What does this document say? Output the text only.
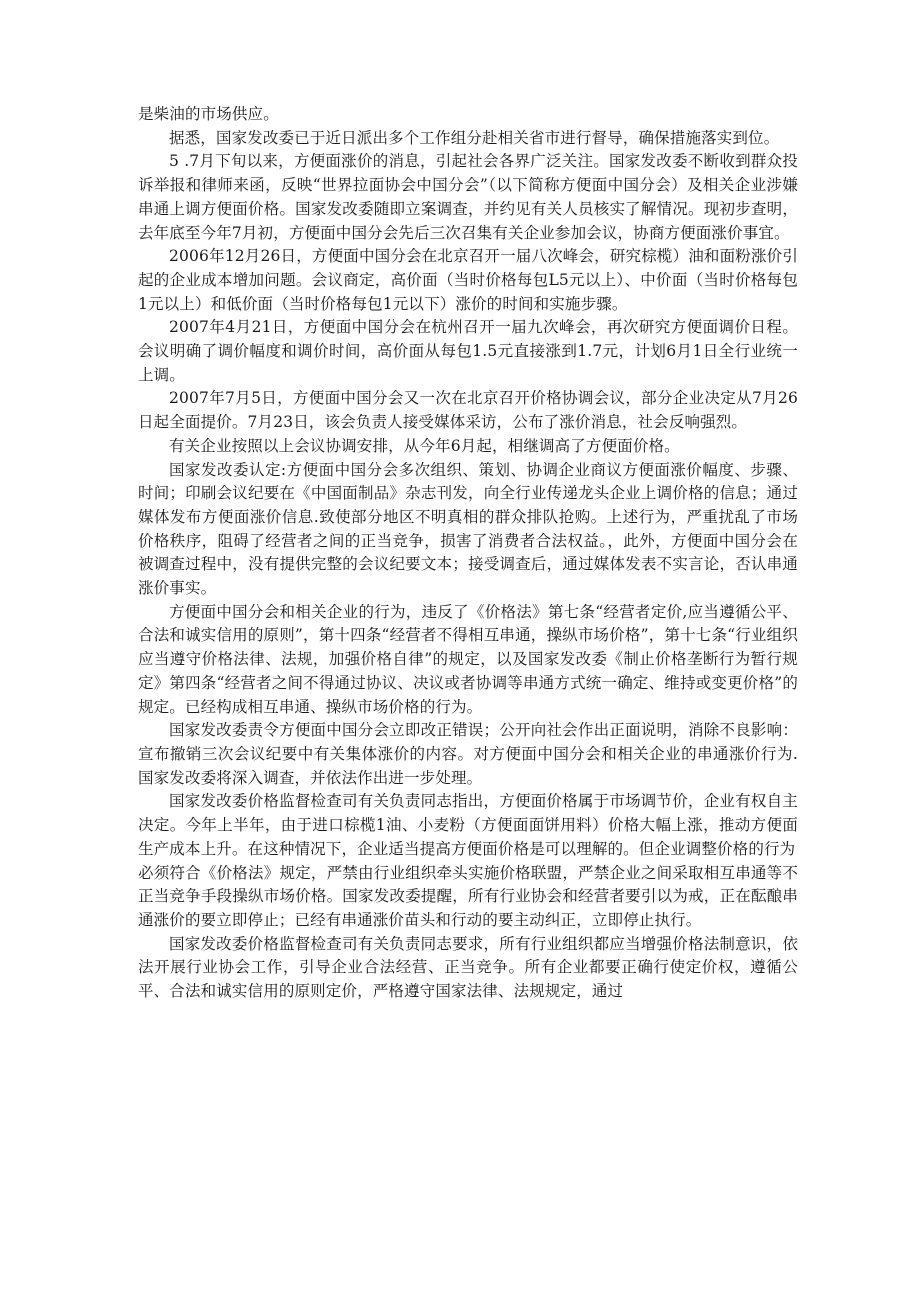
是柴油的市场供应。

据悉，国家发改委已于近日派出多个工作组分赴相关省市进行督导，确保措施落实到位。

5 .7月下旬以来，方便面涨价的消息，引起社会各界广泛关注。国家发改委不断收到群众投诉举报和律师来函，反映“世界拉面协会中国分会”（以下简称方便面中国分会）及相关企业涉嫌串通上调方便面价格。国家发改委随即立案调查，并约见有关人员核实了解情况。现初步查明，去年底至今年7月初，方便面中国分会先后三次召集有关企业参加会议，协商方便面涨价事宜。

2006年12月26日，方便面中国分会在北京召开一届八次峰会，研究棕榄）油和面粉涨价引起的企业成本增加问题。会议商定，高价面（当时价格每包L5元以上）、中价面（当时价格每包1元以上）和低价面（当时价格每包1元以下）涨价的时间和实施步骤。

2007年4月21日，方便面中国分会在杭州召开一届九次峰会，再次研究方便面调价日程。会议明确了调价幅度和调价时间，高价面从每包1.5元直接涨到1.7元，计划6月1日全行业统一上调。

2007年7月5日，方便面中国分会又一次在北京召开价格协调会议，部分企业决定从7月26日起全面提价。7月23日，该会负责人接受媒体采访，公布了涨价消息，社会反响强烈。

有关企业按照以上会议协调安排，从今年6月起，相继调高了方便面价格。

国家发改委认定:方便面中国分会多次组织、策划、协调企业商议方便面涨价幅度、步骤、时间；印刷会议纪要在《中国面制品》杂志刊发，向全行业传递龙头企业上调价格的信息；通过媒体发布方便面涨价信息.致使部分地区不明真相的群众排队抢购。上述行为，严重扰乱了市场价格秩序，阻碍了经营者之间的正当竞争，损害了消费者合法权益。，此外，方便面中国分会在被调查过程中，没有提供完整的会议纪要文本；接受调查后，通过媒体发表不实言论，否认串通涨价事实。

方便面中国分会和相关企业的行为，违反了《价格法》第七条“经营者定价,应当遵循公平、合法和诚实信用的原则”，第十四条“经营者不得相互串通，操纵市场价格”，第十七条“行业组织应当遵守价格法律、法规，加强价格自律”的规定，以及国家发改委《制止价格垄断行为暂行规定》第四条“经营者之间不得通过协议、决议或者协调等串通方式统一确定、维持或变更价格”的规定。已经构成相互串通、操纵市场价格的行为。

国家发改委责令方便面中国分会立即改正错误；公开向社会作出正面说明，消除不良影响：宣布撤销三次会议纪要中有关集体涨价的内容。对方便面中国分会和相关企业的串通涨价行为.国家发改委将深入调查，并依法作出进一步处理。

国家发改委价格监督检查司有关负责同志指出，方便面价格属于市场调节价，企业有权自主决定。今年上半年，由于进口棕榄1油、小麦粉（方便面面饼用料）价格大幅上涨，推动方便面生产成本上升。在这种情况下，企业适当提高方便面价格是可以理解的。但企业调整价格的行为

必须符合《价格法》规定，严禁由行业组织牵头实施价格联盟，严禁企业之间采取相互串通等不正当竞争手段操纵市场价格。国家发改委提醒，所有行业协会和经营者要引以为戒，正在酝酿串通涨价的要立即停止；已经有串通涨价苗头和行动的要主动纠正，立即停止执行。

国家发改委价格监督检查司有关负责同志要求，所有行业组织都应当增强价格法制意识，依法开展行业协会工作，引导企业合法经营、正当竞争。所有企业都要正确行使定价权，遵循公平、合法和诚实信用的原则定价，严格遵守国家法律、法规规定，通过
